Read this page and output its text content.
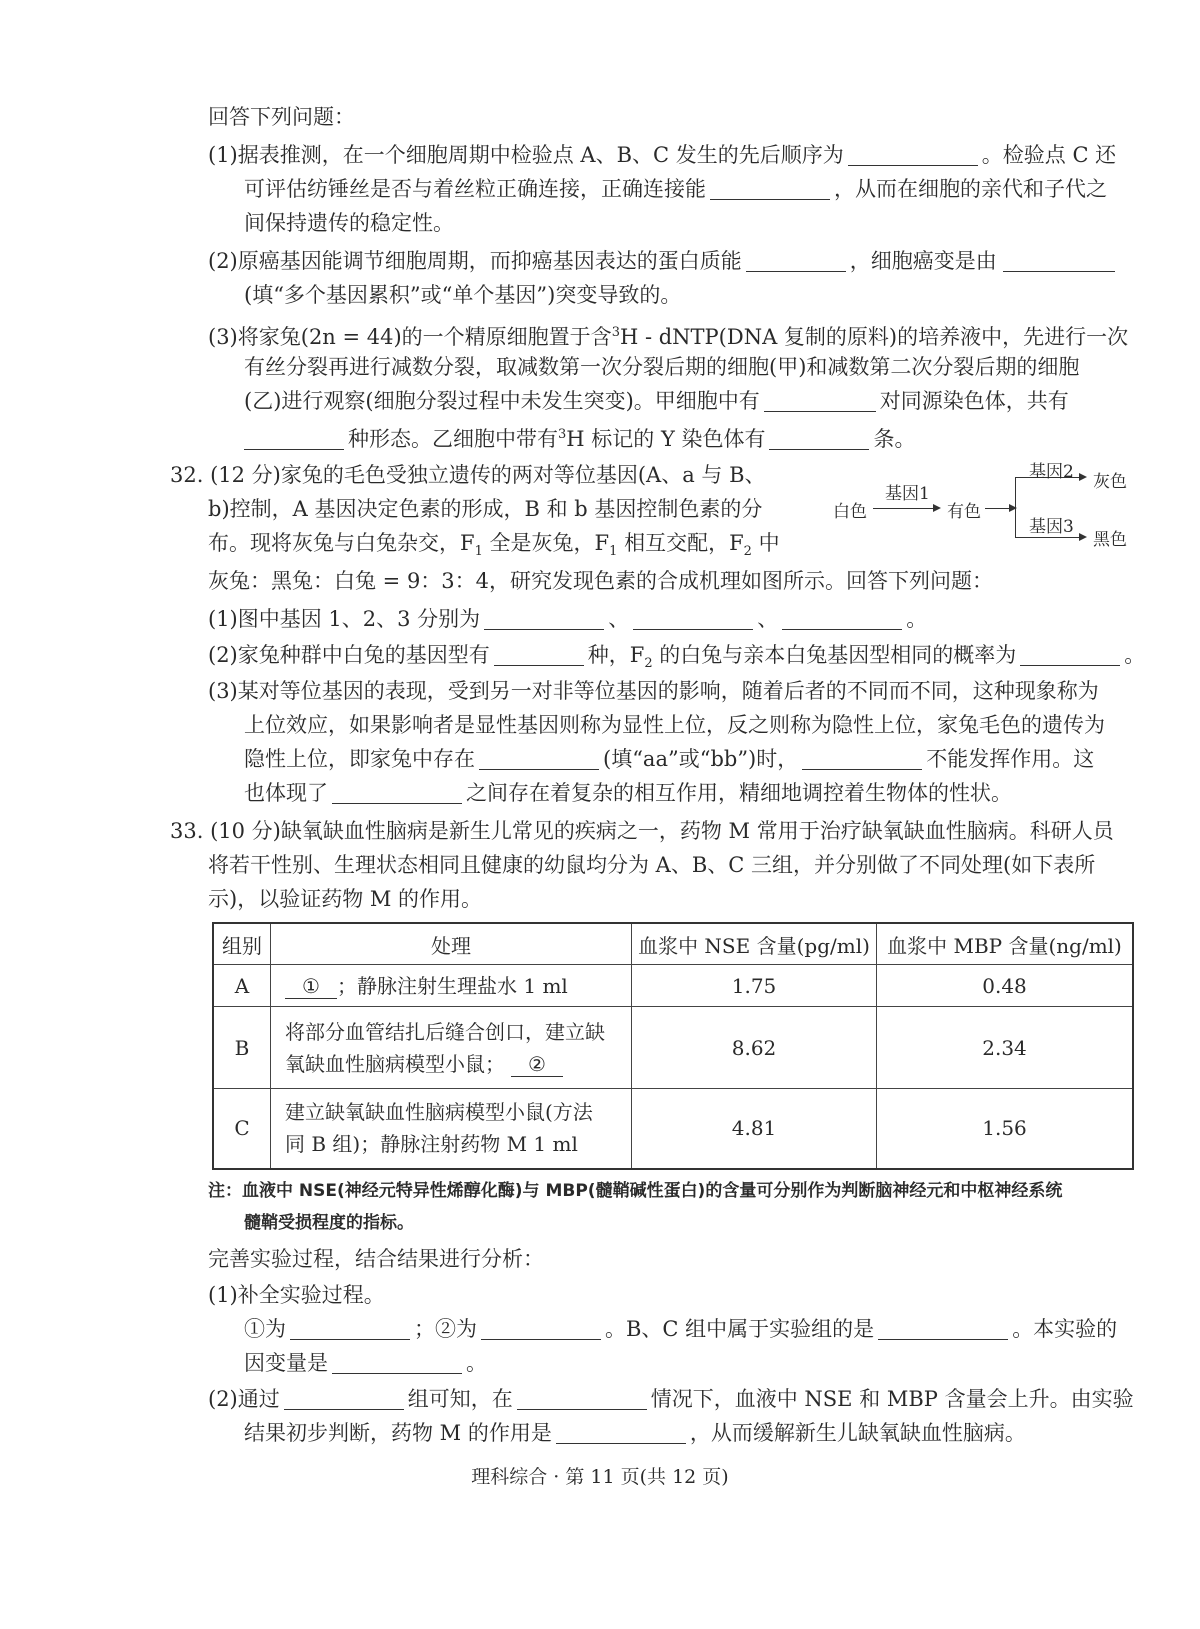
回答下列问题：
(1)据表推测，在一个细胞周期中检验点 A、B、C 发生的先后顺序为	。检验点 C 还
可评估纺锤丝是否与着丝粒正确连接，正确连接能	，从而在细胞的亲代和子代之
间保持遗传的稳定性。
(2)原癌基因能调节细胞周期，而抑癌基因表达的蛋白质能	，细胞癌变是由
(填“多个基因累积”或“单个基因”)突变导致的。
(3)将家兔(2n = 44)的一个精原细胞置于含$^3$H - dNTP(DNA 复制的原料)的培养液中，先进行一次
有丝分裂再进行减数分裂，取减数第一次分裂后期的细胞(甲)和减数第二次分裂后期的细胞
(乙)进行观察(细胞分裂过程中未发生突变)。甲细胞中有	对同源染色体，共有
种形态。乙细胞中带有$^3$H 标记的 Y 染色体有	条。
32. (12 分)家兔的毛色受独立遗传的两对等位基因(A、a 与 B、
b)控制，A 基因决定色素的形成，B 和 b 基因控制色素的分
布。现将灰兔与白兔杂交，$F_1$ 全是灰兔，$F_1$ 相互交配，$F_2$ 中
白色
基因1
有色
基因2 灰色
基因3
黑色
灰兔：黑兔：白兔 = 9：3：4，研究发现色素的合成机理如图所示。回答下列问题：
(1)图中基因 1、2、3 分别为	、	、	。
(2)家兔种群中白兔的基因型有	种，$F_2$ 的白兔与亲本白兔基因型相同的概率为	。
(3)某对等位基因的表现，受到另一对非等位基因的影响，随着后者的不同而不同，这种现象称为
上位效应，如果影响者是显性基因则称为显性上位，反之则称为隐性上位，家兔毛色的遗传为
隐性上位，即家兔中存在	(填“aa”或“bb”)时，	不能发挥作用。这
也体现了	之间存在着复杂的相互作用，精细地调控着生物体的性状。
33. (10 分)缺氧缺血性脑病是新生儿常见的疾病之一，药物 M 常用于治疗缺氧缺血性脑病。科研人员
将若干性别、生理状态相同且健康的幼鼠均分为 A、B、C 三组，并分别做了不同处理(如下表所
示)，以验证药物 M 的作用。
组别	处理	血浆中 NSE 含量(pg/ml)	血浆中 MBP 含量(ng/ml)
A	① ；静脉注射生理盐水 1 ml	1.75	0.48
B	将部分血管结扎后缝合创口，建立缺
氧缺血性脑病模型小鼠； ②	8.62	2.34
C	建立缺氧缺血性脑病模型小鼠(方法
同 B 组)；静脉注射药物 M 1 ml	4.81	1.56
注：血液中 NSE(神经元特异性烯醇化酶)与 MBP(髓鞘碱性蛋白)的含量可分别作为判断脑神经元和中枢神经系统
髓鞘受损程度的指标。
完善实验过程，结合结果进行分析：
(1)补全实验过程。
①为	；②为	。B、C 组中属于实验组的是	。本实验的
因变量是	。
(2)通过	组可知，在	情况下，血液中 NSE 和 MBP 含量会上升。由实验
结果初步判断，药物 M 的作用是	，从而缓解新生儿缺氧缺血性脑病。
理科综合 · 第 11 页(共 12 页)
